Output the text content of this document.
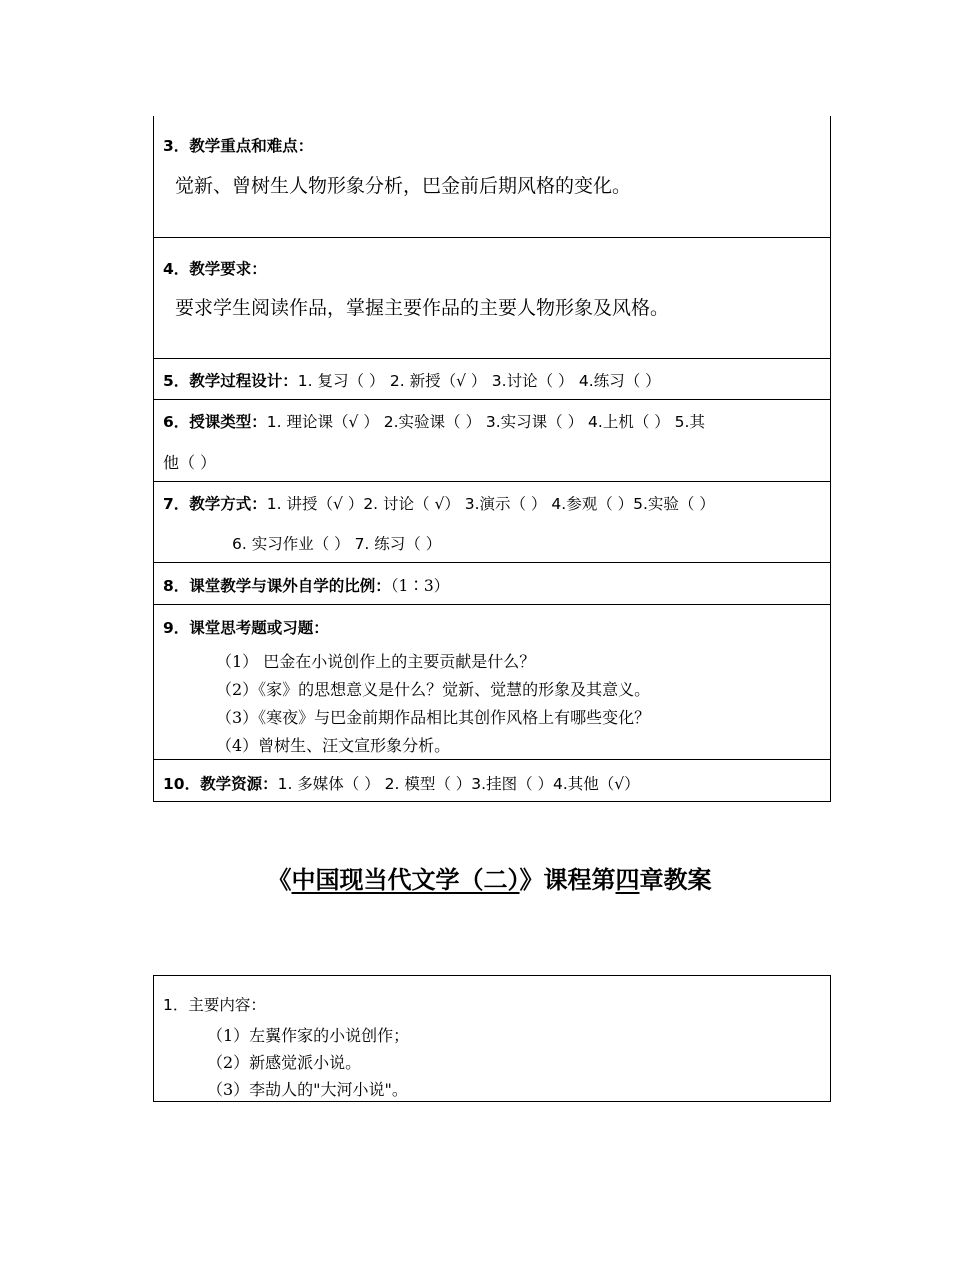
3．教学重点和难点：
觉新、曾树生人物形象分析，巴金前后期风格的变化。
4．教学要求：
要求学生阅读作品，掌握主要作品的主要人物形象及风格。
5．教学过程设计：1. 复习（ ） 2. 新授（√ ） 3.讨论（ ） 4.练习（ ）
6．授课类型：1. 理论课（√ ） 2.实验课（ ） 3.实习课（ ） 4.上机（ ） 5.其
他（ ）
7．教学方式：1. 讲授（√ ）2. 讨论（ √） 3.演示（ ） 4.参观（ ）5.实验（ ）
6. 实习作业（ ） 7. 练习（ ）
8．课堂教学与课外自学的比例：（1∶3）
9．课堂思考题或习题：
（1） 巴金在小说创作上的主要贡献是什么？
（2）《家》的思想意义是什么？觉新、觉慧的形象及其意义。
（3）《寒夜》与巴金前期作品相比其创作风格上有哪些变化？
（4）曾树生、汪文宣形象分析。
10．教学资源：1. 多媒体（ ） 2. 模型（ ）3.挂图（ ）4.其他（√）
《中国现当代文学（二）》课程第四章教案
1．主要内容：
（1）左翼作家的小说创作；
（2）新感觉派小说。
（3）李劼人的"大河小说"。
